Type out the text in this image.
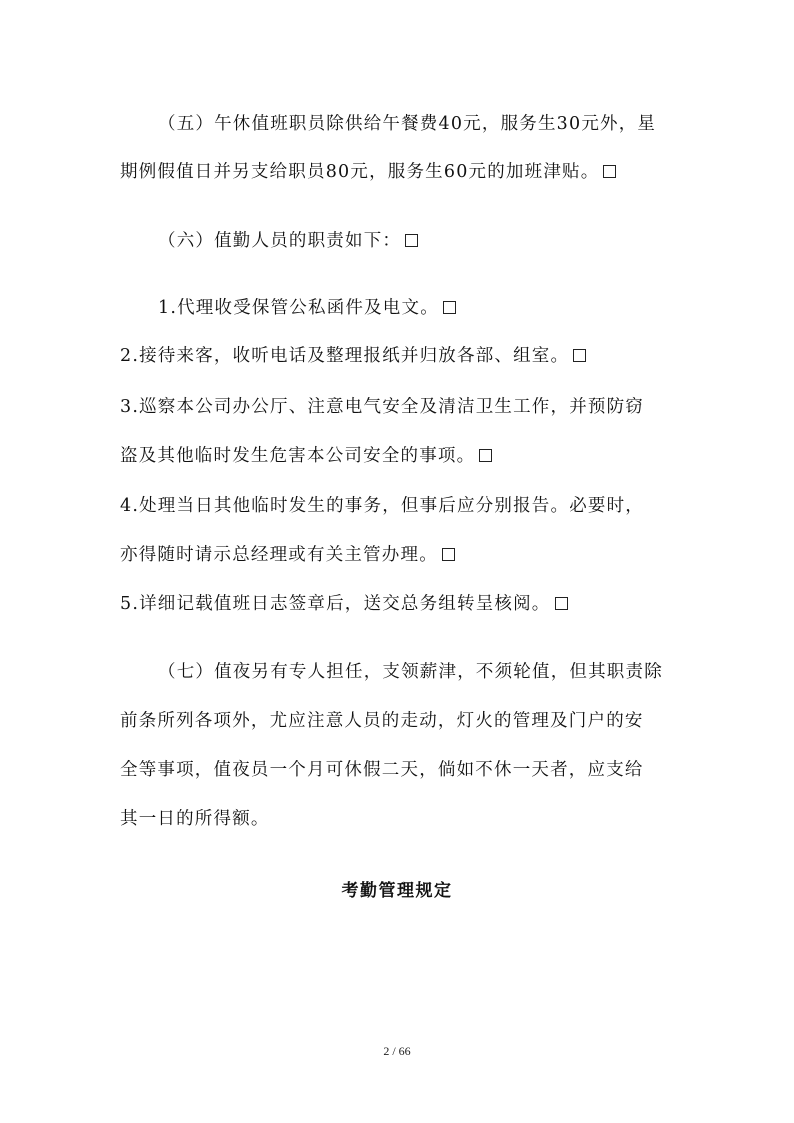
（五）午休值班职员除供给午餐费40元，服务生30元外，星
期例假值日并另支给职员80元，服务生60元的加班津贴。
（六）值勤人员的职责如下：
1.代理收受保管公私函件及电文。
2.接待来客，收听电话及整理报纸并归放各部、组室。
3.巡察本公司办公厅、注意电气安全及清洁卫生工作，并预防窃
盗及其他临时发生危害本公司安全的事项。
4.处理当日其他临时发生的事务，但事后应分别报告。必要时，
亦得随时请示总经理或有关主管办理。
5.详细记载值班日志签章后，送交总务组转呈核阅。
（七）值夜另有专人担任，支领薪津，不须轮值，但其职责除
前条所列各项外，尤应注意人员的走动，灯火的管理及门户的安
全等事项，值夜员一个月可休假二天，倘如不休一天者，应支给
其一日的所得额。
考勤管理规定
2 / 66
